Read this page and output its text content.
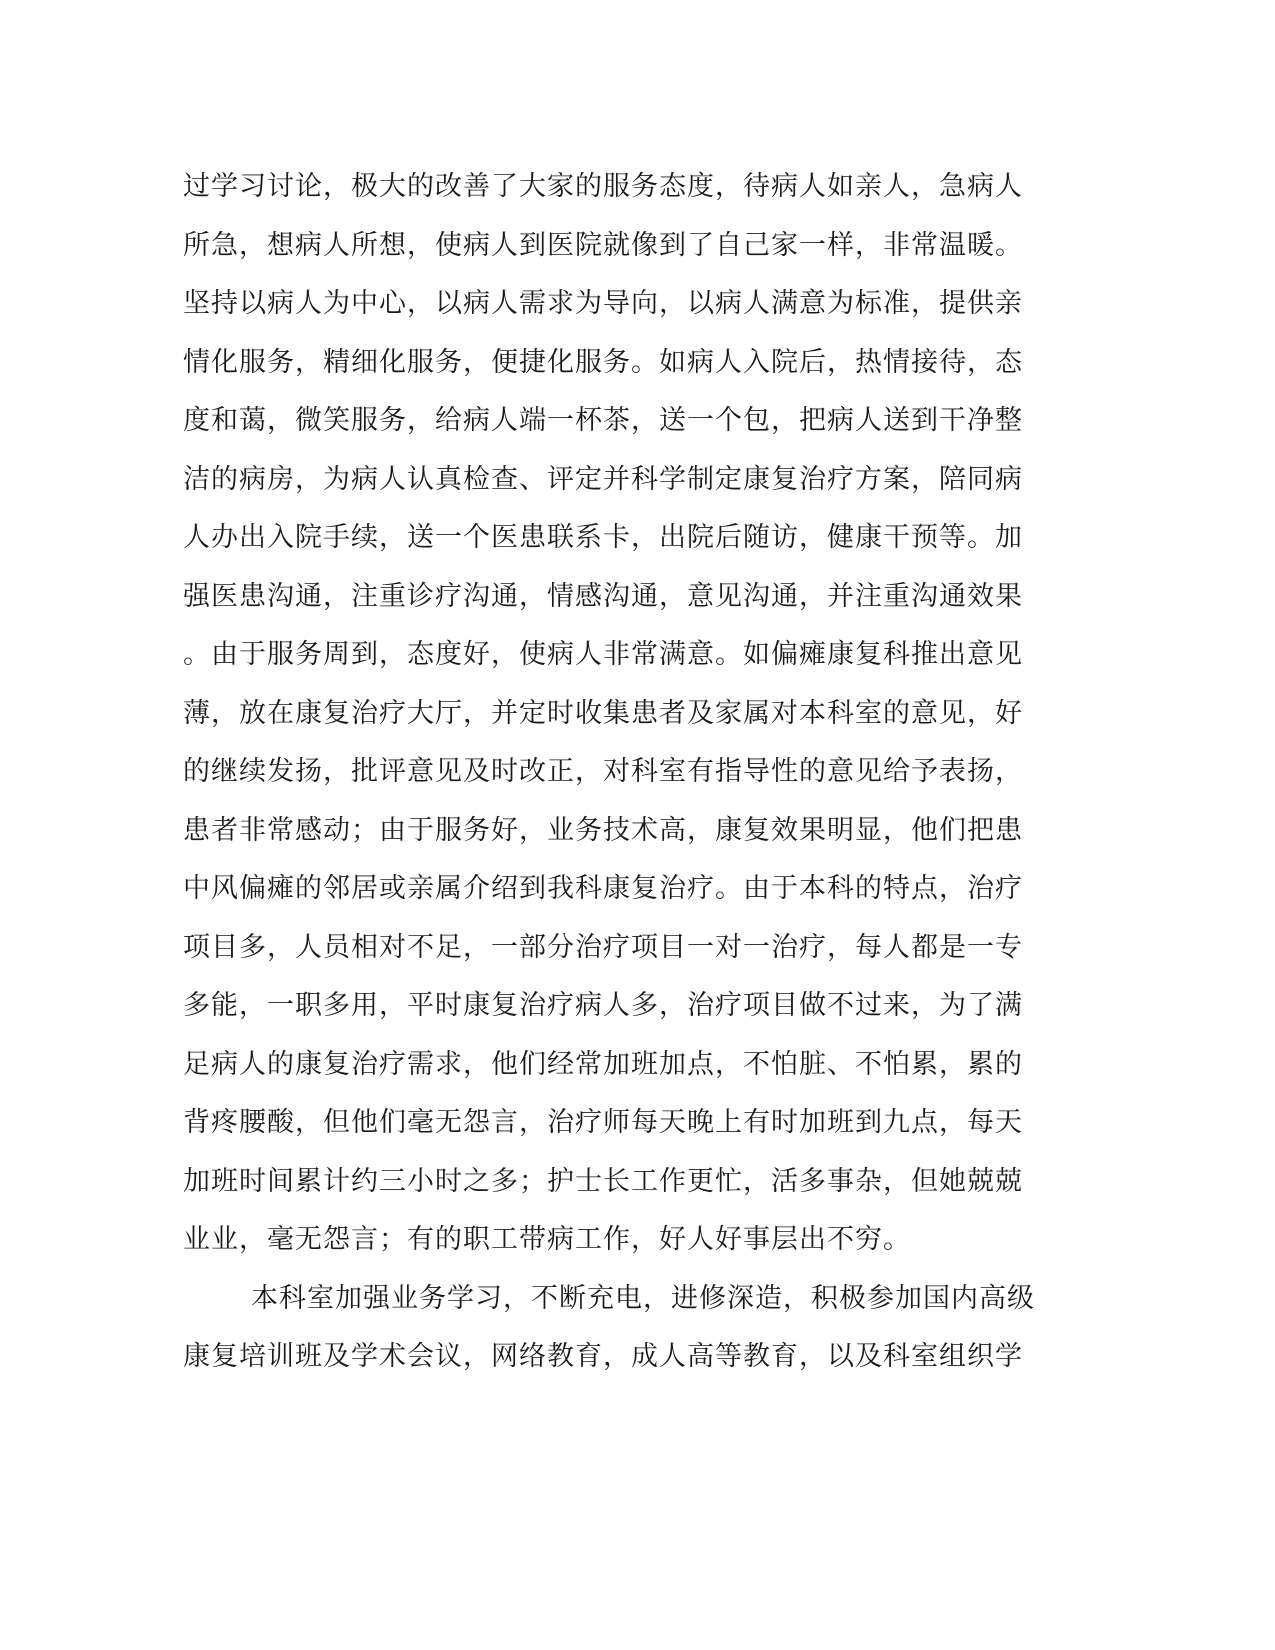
过学习讨论，极大的改善了大家的服务态度，待病人如亲人，急病人
所急，想病人所想，使病人到医院就像到了自己家一样，非常温暖。
坚持以病人为中心，以病人需求为导向，以病人满意为标准，提供亲
情化服务，精细化服务，便捷化服务。如病人入院后，热情接待，态
度和蔼，微笑服务，给病人端一杯茶，送一个包，把病人送到干净整
洁的病房，为病人认真检查、评定并科学制定康复治疗方案，陪同病
人办出入院手续，送一个医患联系卡，出院后随访，健康干预等。加
强医患沟通，注重诊疗沟通，情感沟通，意见沟通，并注重沟通效果
。由于服务周到，态度好，使病人非常满意。如偏瘫康复科推出意见
薄，放在康复治疗大厅，并定时收集患者及家属对本科室的意见，好
的继续发扬，批评意见及时改正，对科室有指导性的意见给予表扬，
患者非常感动；由于服务好，业务技术高，康复效果明显，他们把患
中风偏瘫的邻居或亲属介绍到我科康复治疗。由于本科的特点，治疗
项目多，人员相对不足，一部分治疗项目一对一治疗，每人都是一专
多能，一职多用，平时康复治疗病人多，治疗项目做不过来，为了满
足病人的康复治疗需求，他们经常加班加点，不怕脏、不怕累，累的
背疼腰酸，但他们毫无怨言，治疗师每天晚上有时加班到九点，每天
加班时间累计约三小时之多；护士长工作更忙，活多事杂，但她兢兢
业业，毫无怨言；有的职工带病工作，好人好事层出不穷。
本科室加强业务学习，不断充电，进修深造，积极参加国内高级
康复培训班及学术会议，网络教育，成人高等教育，以及科室组织学
